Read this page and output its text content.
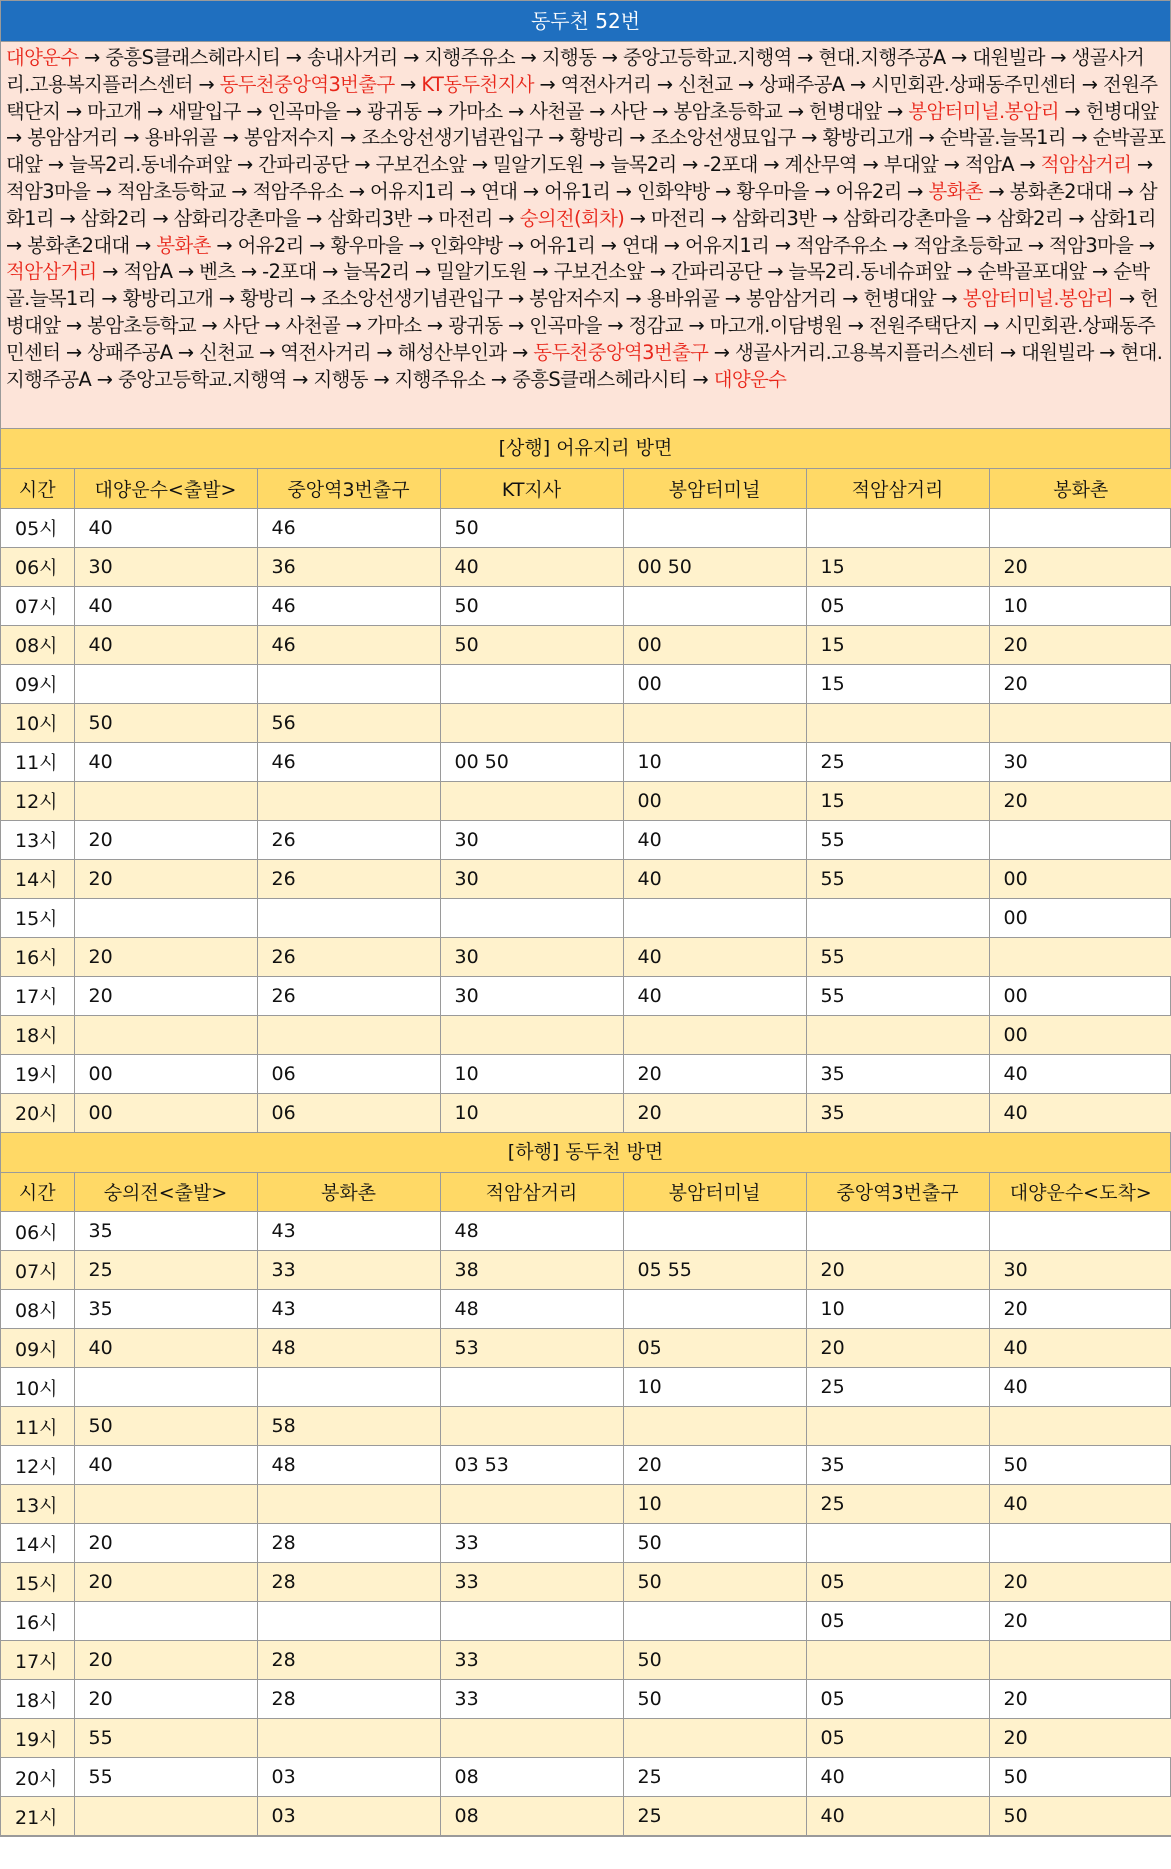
동두천 52번
대양운수 → 중흥S클래스헤라시티 → 송내사거리 → 지행주유소 → 지행동 → 중앙고등학교.지행역 → 현대.지행주공A → 대원빌라 → 생골사거리.고용복지플러스센터 → 동두천중앙역3번출구 → KT동두천지사 → 역전사거리 → 신천교 → 상패주공A → 시민회관.상패동주민센터 → 전원주택단지 → 마고개 → 새말입구 → 인곡마을 → 광귀동 → 가마소 → 사천골 → 사단 → 봉암초등학교 → 헌병대앞 → 봉암터미널.봉암리 → 헌병대앞 → 봉암삼거리 → 용바위골 → 봉암저수지 → 조소앙선생기념관입구 → 황방리 → 조소앙선생묘입구 → 황방리고개 → 순박골.늘목1리 → 순박골포대앞 → 늘목2리.동네슈퍼앞 → 간파리공단 → 구보건소앞 → 밀알기도원 → 늘목2리 → -2포대 → 계산무역 → 부대앞 → 적암A → 적암삼거리 → 적암3마을 → 적암초등학교 → 적암주유소 → 어유지1리 → 연대 → 어유1리 → 인화약방 → 황우마을 → 어유2리 → 봉화촌 → 봉화촌2대대 → 삼화1리 → 삼화2리 → 삼화리강촌마을 → 삼화리3반 → 마전리 → 숭의전(회차) → 마전리 → 삼화리3반 → 삼화리강촌마을 → 삼화2리 → 삼화1리 → 봉화촌2대대 → 봉화촌 → 어유2리 → 황우마을 → 인화약방 → 어유1리 → 연대 → 어유지1리 → 적암주유소 → 적암초등학교 → 적암3마을 → 적암삼거리 → 적암A → 벤츠 → -2포대 → 늘목2리 → 밀알기도원 → 구보건소앞 → 간파리공단 → 늘목2리.동네슈퍼앞 → 순박골포대앞 → 순박골.늘목1리 → 황방리고개 → 황방리 → 조소앙선생기념관입구 → 봉암저수지 → 용바위골 → 봉암삼거리 → 헌병대앞 → 봉암터미널.봉암리 → 헌병대앞 → 봉암초등학교 → 사단 → 사천골 → 가마소 → 광귀동 → 인곡마을 → 정감교 → 마고개.이담병원 → 전원주택단지 → 시민회관.상패동주민센터 → 상패주공A → 신천교 → 역전사거리 → 해성산부인과 → 동두천중앙역3번출구 → 생골사거리.고용복지플러스센터 → 대원빌라 → 현대.지행주공A → 중앙고등학교.지행역 → 지행동 → 지행주유소 → 중흥S클래스헤라시티 → 대양운수
[상행] 어유지리 방면
시간	대양운수<출발>	중앙역3번출구	KT지사	봉암터미널	적암삼거리	봉화촌
05시	40	46	50			
06시	30	36	40	00 50	15	20
07시	40	46	50		05	10
08시	40	46	50	00	15	20
09시				00	15	20
10시	50	56				
11시	40	46	00 50	10	25	30
12시				00	15	20
13시	20	26	30	40	55	
14시	20	26	30	40	55	00
15시						00
16시	20	26	30	40	55	
17시	20	26	30	40	55	00
18시						00
19시	00	06	10	20	35	40
20시	00	06	10	20	35	40
[하행] 동두천 방면
시간	숭의전<출발>	봉화촌	적암삼거리	봉암터미널	중앙역3번출구	대양운수<도착>
06시	35	43	48			
07시	25	33	38	05 55	20	30
08시	35	43	48		10	20
09시	40	48	53	05	20	40
10시				10	25	40
11시	50	58				
12시	40	48	03 53	20	35	50
13시				10	25	40
14시	20	28	33	50		
15시	20	28	33	50	05	20
16시					05	20
17시	20	28	33	50		
18시	20	28	33	50	05	20
19시	55				05	20
20시	55	03	08	25	40	50
21시		03	08	25	40	50
